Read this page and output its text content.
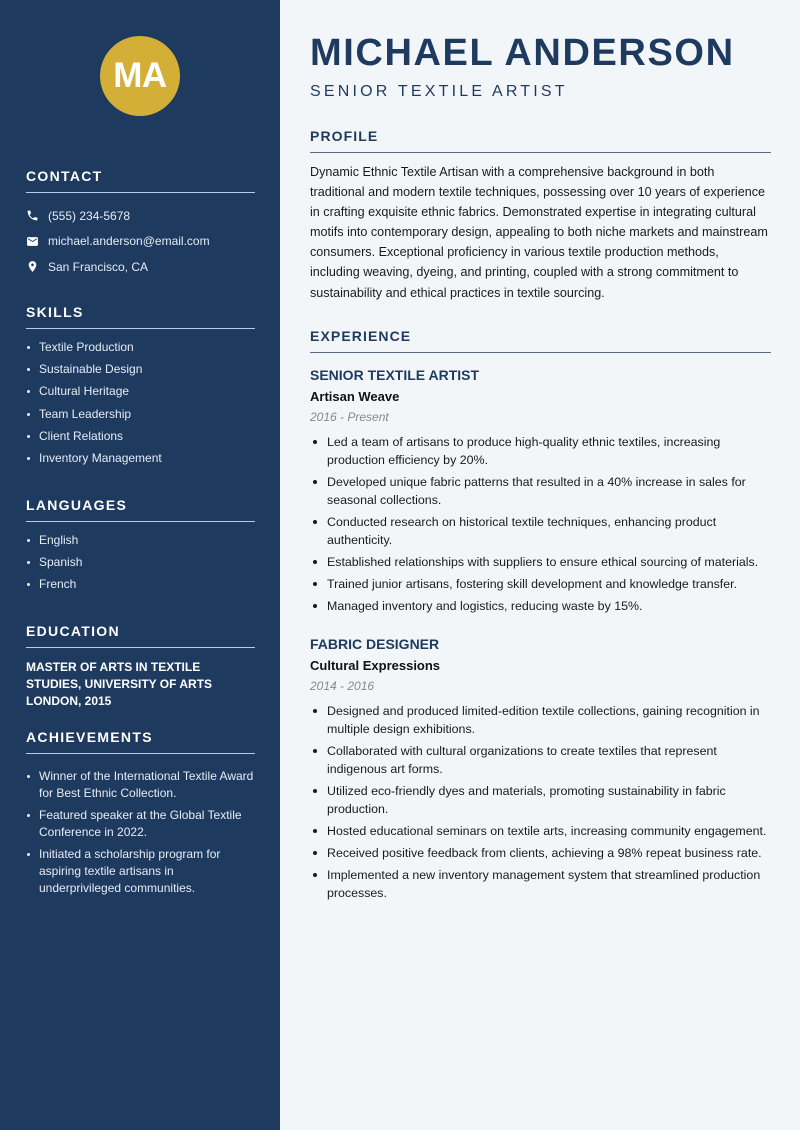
MA
CONTACT
(555) 234-5678
michael.anderson@email.com
San Francisco, CA
SKILLS
Textile Production
Sustainable Design
Cultural Heritage
Team Leadership
Client Relations
Inventory Management
LANGUAGES
English
Spanish
French
EDUCATION

MASTER OF ARTS IN TEXTILE STUDIES, UNIVERSITY OF ARTS LONDON, 2015

ACHIEVEMENTS
Winner of the International Textile Award for Best Ethnic Collection.
Featured speaker at the Global Textile Conference in 2022.
Initiated a scholarship program for aspiring textile artisans in underprivileged communities.
MICHAEL ANDERSON
SENIOR TEXTILE ARTIST
PROFILE

Dynamic Ethnic Textile Artisan with a comprehensive background in both traditional and modern textile techniques, possessing over 10 years of experience in crafting exquisite ethnic fabrics. Demonstrated expertise in integrating cultural motifs into contemporary design, appealing to both niche markets and mainstream consumers. Exceptional proficiency in various textile production methods, including weaving, dyeing, and printing, coupled with a strong commitment to sustainability and ethical practices in textile sourcing.

EXPERIENCE
SENIOR TEXTILE ARTIST
Artisan Weave
2016 - Present
Led a team of artisans to produce high-quality ethnic textiles, increasing production efficiency by 20%.
Developed unique fabric patterns that resulted in a 40% increase in sales for seasonal collections.
Conducted research on historical textile techniques, enhancing product authenticity.
Established relationships with suppliers to ensure ethical sourcing of materials.
Trained junior artisans, fostering skill development and knowledge transfer.
Managed inventory and logistics, reducing waste by 15%.
FABRIC DESIGNER
Cultural Expressions
2014 - 2016
Designed and produced limited-edition textile collections, gaining recognition in multiple design exhibitions.
Collaborated with cultural organizations to create textiles that represent indigenous art forms.
Utilized eco-friendly dyes and materials, promoting sustainability in fabric production.
Hosted educational seminars on textile arts, increasing community engagement.
Received positive feedback from clients, achieving a 98% repeat business rate.
Implemented a new inventory management system that streamlined production processes.
